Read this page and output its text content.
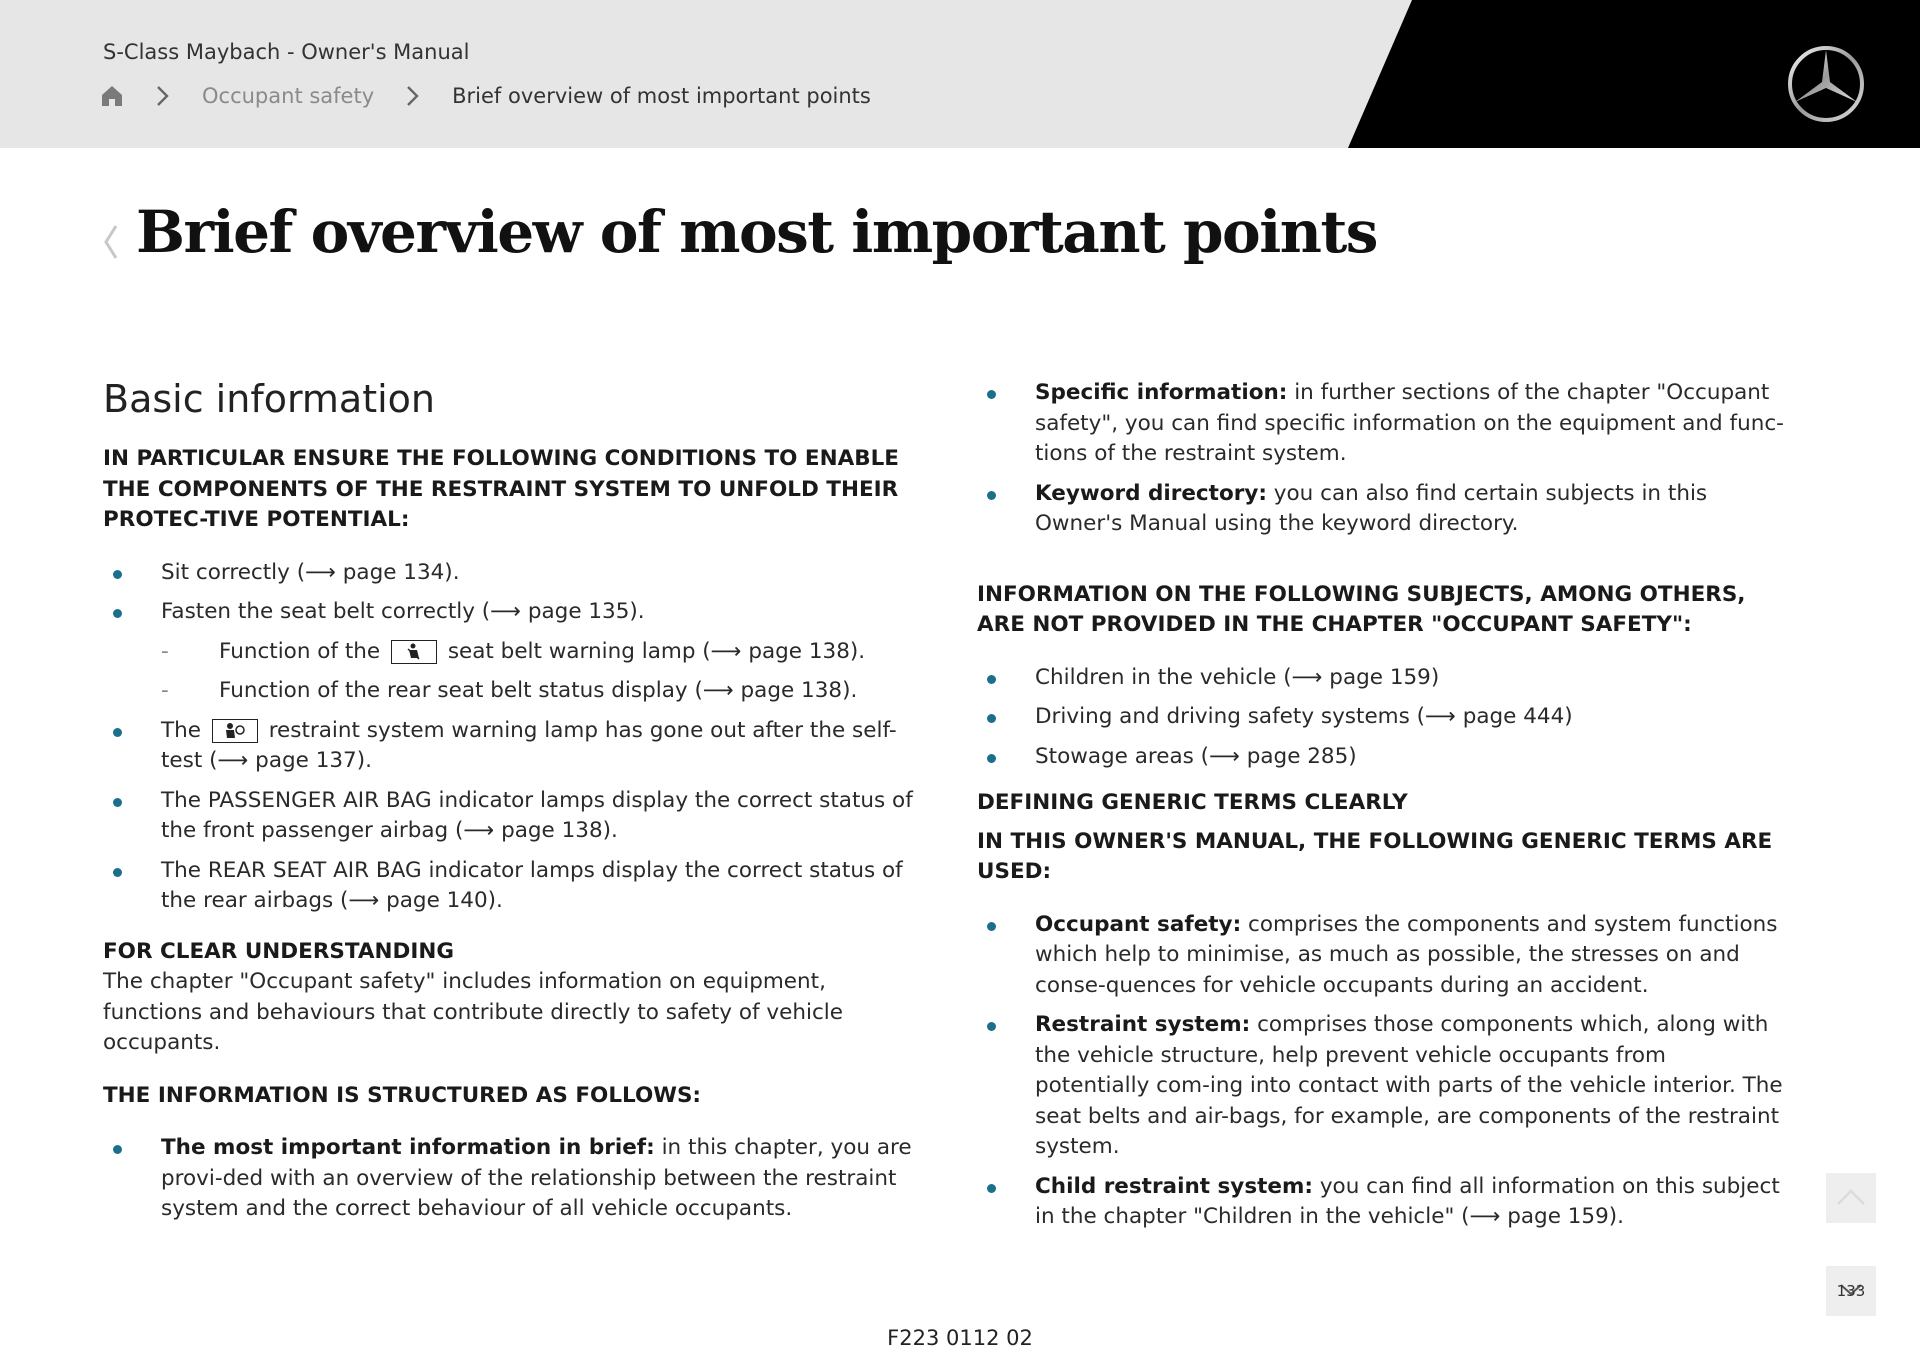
S-Class Maybach - Owner's Manual
Occupant safety	Brief overview of most important points
Brief overview of most important points
Basic information

IN PARTICULAR ENSURE THE FOLLOWING CONDITIONS TO ENABLE THE COMPONENTS OF THE RESTRAINT SYSTEM TO UNFOLD THEIR PROTEC-TIVE POTENTIAL:

Sit correctly (⟶ page 134).
Fasten the seat belt correctly (⟶ page 135).
- Function of the	seat belt warning lamp (⟶ page 138).
- Function of the rear seat belt status display (⟶ page 138).
The	restraint system warning lamp has gone out after the self-test (⟶ page 137).
The PASSENGER AIR BAG indicator lamps display the correct status of the front passenger airbag (⟶ page 138).
The REAR SEAT AIR BAG indicator lamps display the correct status of the rear airbags (⟶ page 140).

FOR CLEAR UNDERSTANDING

The chapter "Occupant safety" includes information on equipment, functions and behaviours that contribute directly to safety of vehicle occupants.

THE INFORMATION IS STRUCTURED AS FOLLOWS:

The most important information in brief: in this chapter, you are provi-ded with an overview of the relationship between the restraint system and the correct behaviour of all vehicle occupants.
Specific information: in further sections of the chapter "Occupant safety", you can find specific information on the equipment and func-tions of the restraint system.
Keyword directory: you can also find certain subjects in this Owner's Manual using the keyword directory.

INFORMATION ON THE FOLLOWING SUBJECTS, AMONG OTHERS, ARE NOT PROVIDED IN THE CHAPTER "OCCUPANT SAFETY":

Children in the vehicle (⟶ page 159)
Driving and driving safety systems (⟶ page 444)
Stowage areas (⟶ page 285)

DEFINING GENERIC TERMS CLEARLY

IN THIS OWNER'S MANUAL, THE FOLLOWING GENERIC TERMS ARE USED:

Occupant safety: comprises the components and system functions which help to minimise, as much as possible, the stresses on and conse-quences for vehicle occupants during an accident.
Restraint system: comprises those components which, along with the vehicle structure, help prevent vehicle occupants from potentially com-ing into contact with parts of the vehicle interior. The seat belts and air-bags, for example, are components of the restraint system.
Child restraint system: you can find all information on this subject in the chapter "Children in the vehicle" (⟶ page 159).
133
F223 0112 02
